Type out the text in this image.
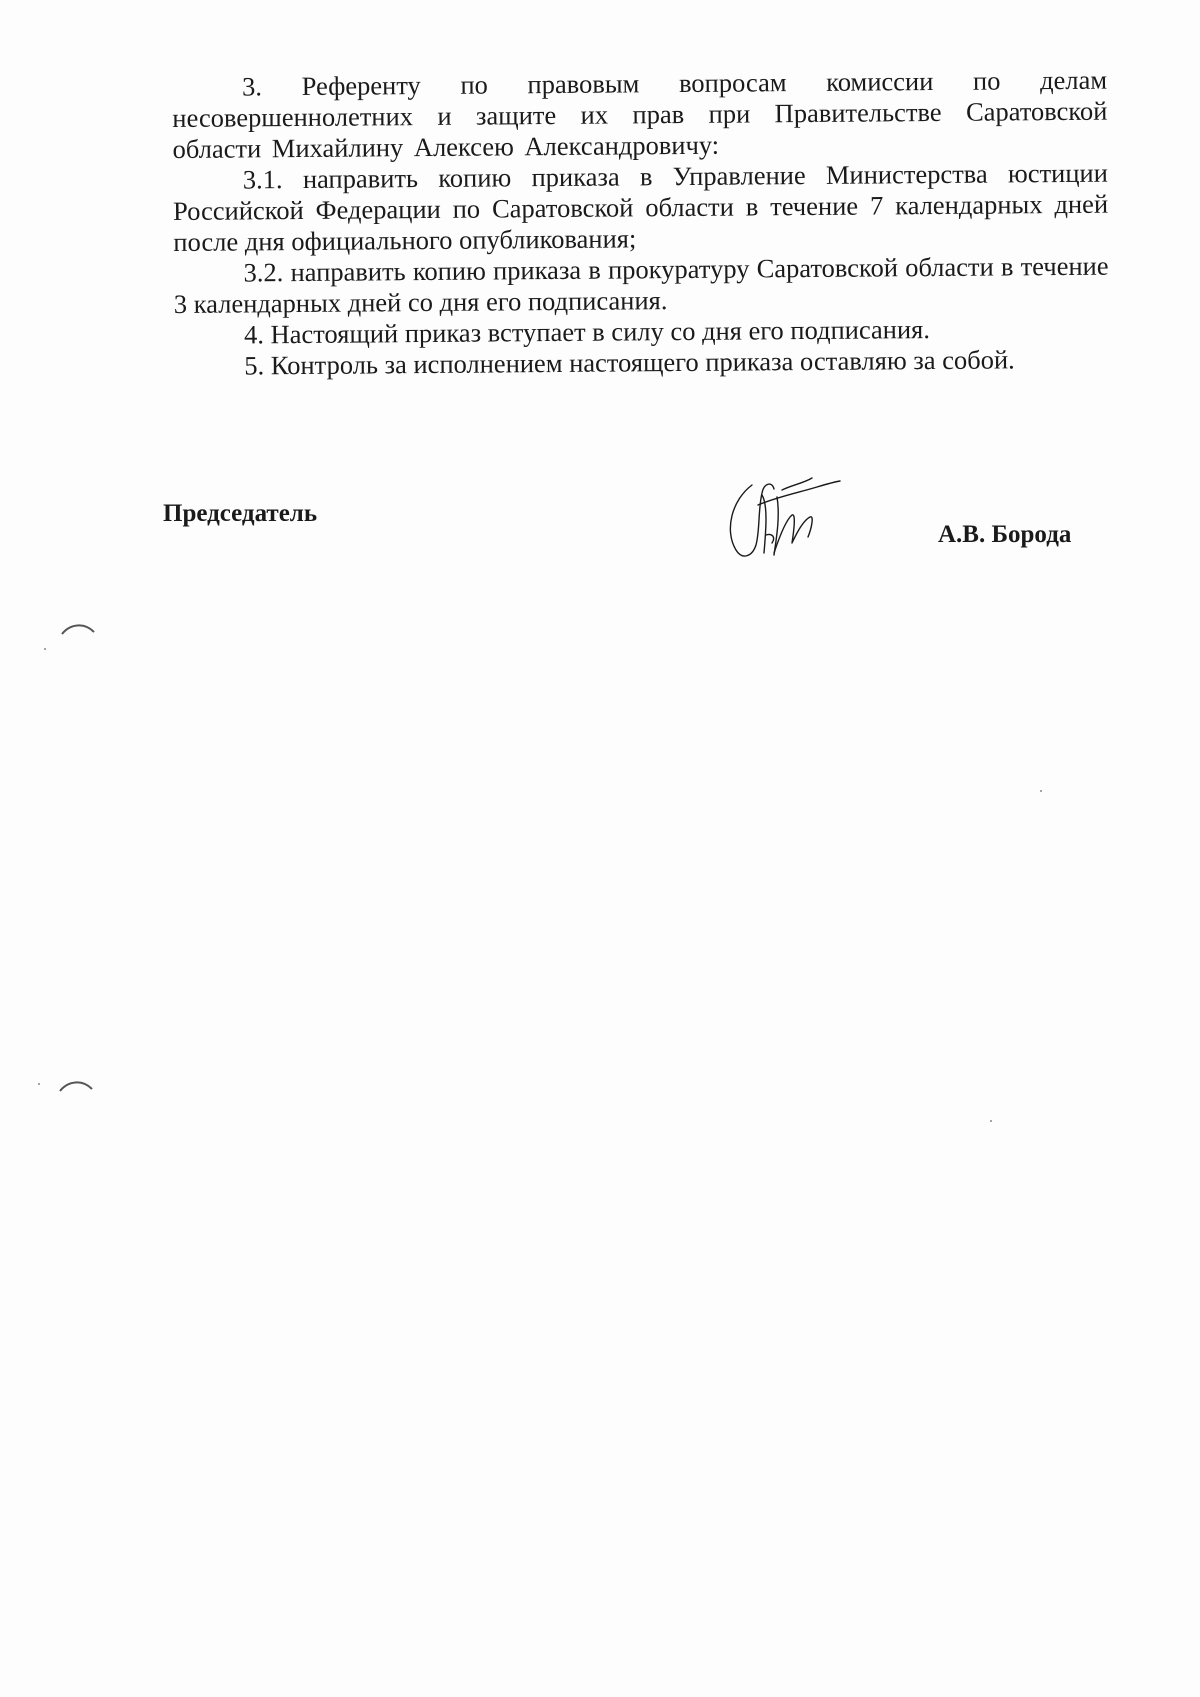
3. Референту по правовым вопросам комиссии по делам несовершеннолетних и защите их прав при Правительстве Саратовской области Михайлину Алексею Александровичу:

3.1. направить копию приказа в Управление Министерства юстиции Российской Федерации по Саратовской области в течение 7 календарных дней после дня официального опубликования;

3.2. направить копию приказа в прокуратуру Саратовской области в течение 3 календарных дней со дня его подписания.

4. Настоящий приказ вступает в силу со дня его подписания.

5. Контроль за исполнением настоящего приказа оставляю за собой.

Председатель
А.В. Борода
